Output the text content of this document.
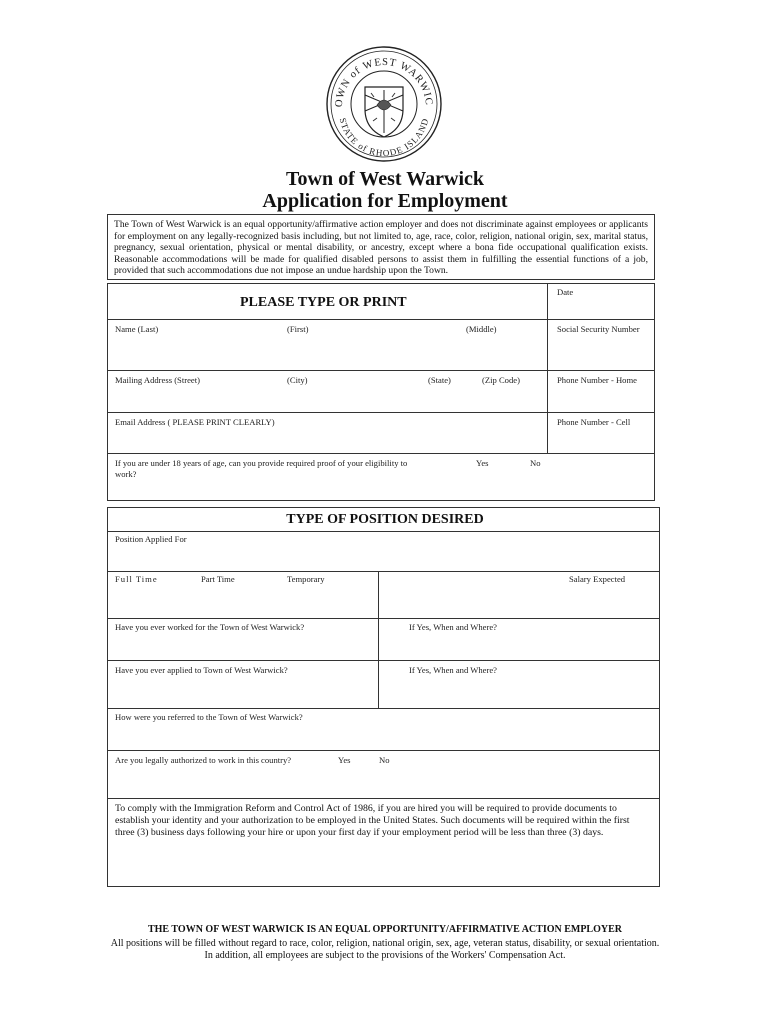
OWN of WEST WARWIC
STATE of RHODE ISLAND
Town of West Warwick
Application for Employment
The Town of West Warwick is an equal opportunity/affirmative action employer and does not discriminate against employees or applicants for employment on any legally-recognized basis including, but not limited to, age, race, color, religion, national origin, sex, marital status, pregnancy, sexual orientation, physical or mental disability, or ancestry, except where a bona fide occupational qualification exists. Reasonable accommodations will be made for qualified disabled persons to assist them in fulfilling the essential functions of a job, provided that such accommodations due not impose an undue hardship upon the Town.
PLEASE TYPE OR PRINT
Date
Name (Last)	(First)	(Middle)	Social Security Number
Mailing Address (Street)	(City)	(State)	(Zip Code)	Phone Number - Home
Email Address ( PLEASE PRINT CLEARLY)	Phone Number - Cell
If you are under 18 years of age, can you provide required proof of your eligibility to work?
Yes	No
TYPE OF POSITION DESIRED
Position Applied For
Full Time	Part Time	Temporary	Salary Expected
Have you ever worked for the Town of West Warwick?	If Yes, When and Where?
Have you ever applied to Town of West Warwick?	If Yes, When and Where?
How were you referred to the Town of West Warwick?
Are you legally authorized to work in this country?	Yes	No
To comply with the Immigration Reform and Control Act of 1986, if you are hired you will be required to provide documents to establish your identity and your authorization to be employed in the United States. Such documents will be required within the first three (3) business days following your hire or upon your first day if your employment period will be less than three (3) days.
THE TOWN OF WEST WARWICK IS AN EQUAL OPPORTUNITY/AFFIRMATIVE ACTION EMPLOYER
All positions will be filled without regard to race, color, religion, national origin, sex, age, veteran status, disability, or sexual orientation. In addition, all employees are subject to the provisions of the Workers' Compensation Act.
